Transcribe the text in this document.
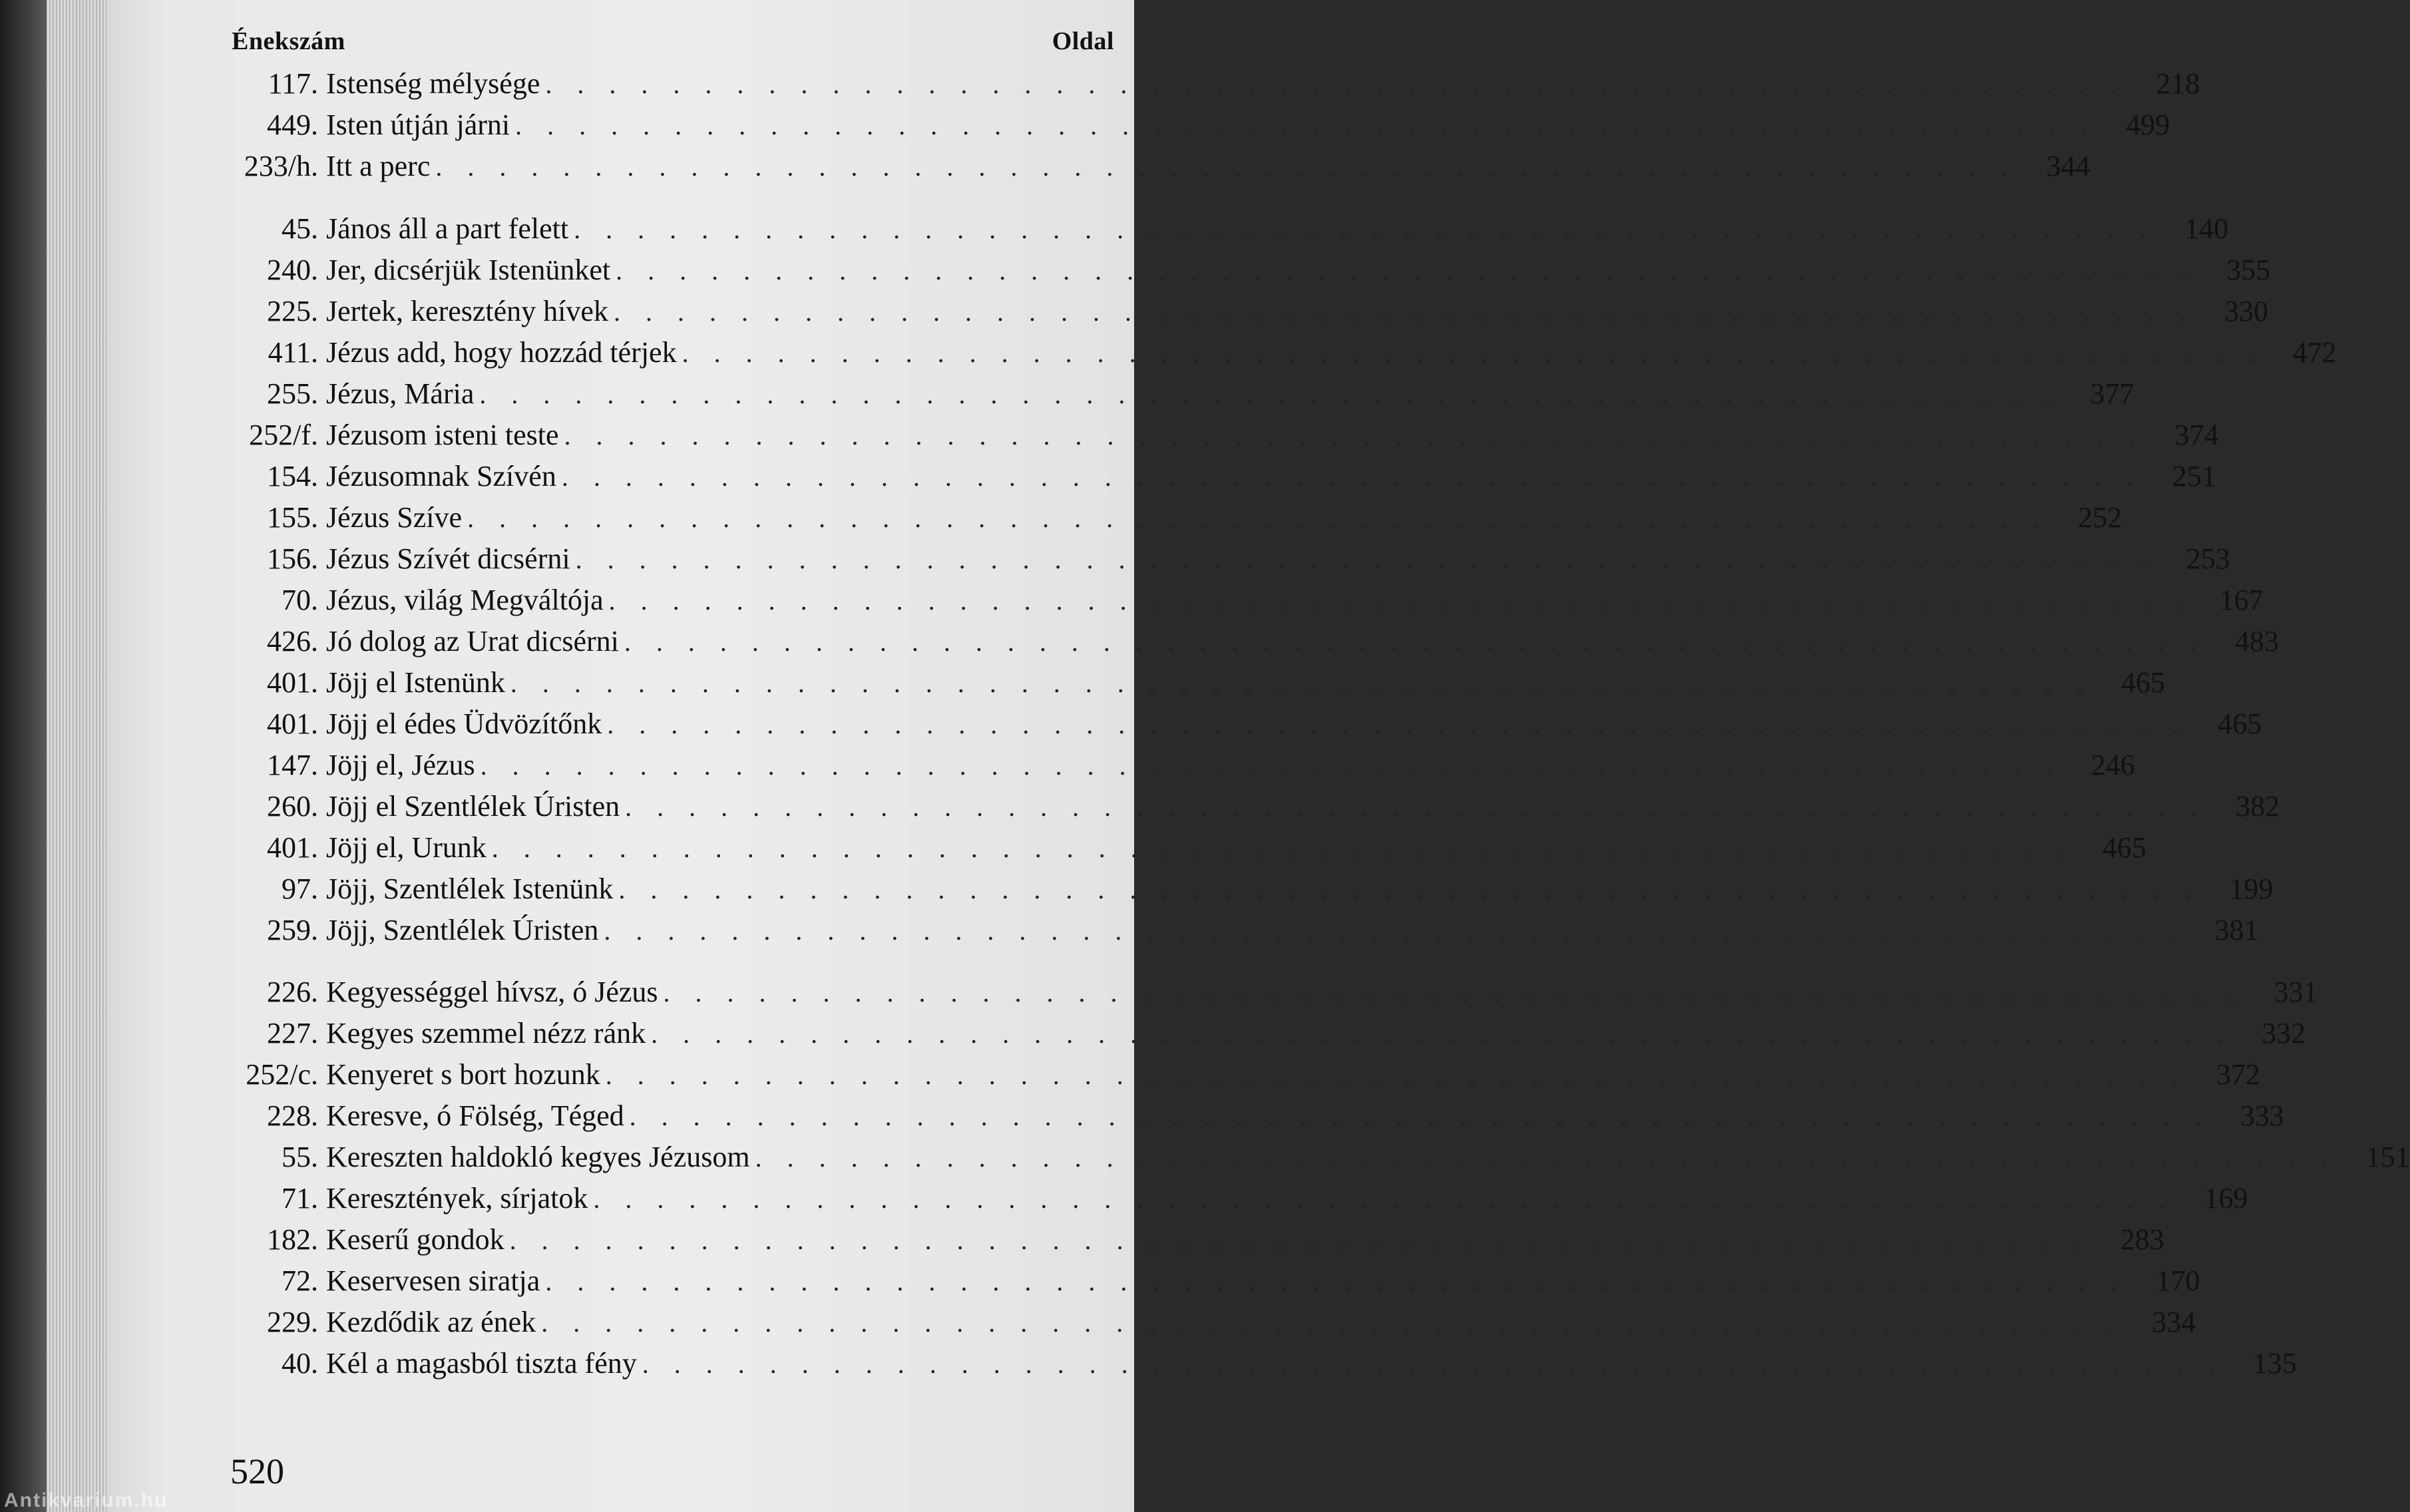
Énekszám	Oldal
117. Istenség mélysége . . .	218
449. Isten útján járni . . .	499
233/h. Itt a perc . . .	344
45. János áll a part felett . . .	140
240. Jer, dicsérjük Istenünket . . .	355
225. Jertek, keresztény hívek . . .	330
411. Jézus add, hogy hozzád térjek . . .	472
255. Jézus, Mária . . .	377
252/f. Jézusom isteni teste . . .	374
154. Jézusomnak Szívén . . .	251
155. Jézus Szíve . . .	252
156. Jézus Szívét dicsérni . . .	253
70. Jézus, világ Megváltója . . .	167
426. Jó dolog az Urat dicsérni . . .	483
401. Jöjj el Istenünk . . .	465
401. Jöjj el édes Üdvözítőnk . . .	465
147. Jöjj el, Jézus . . .	246
260. Jöjj el Szentlélek Úristen . . .	382
401. Jöjj el, Urunk . . .	465
97. Jöjj, Szentlélek Istenünk . . .	199
259. Jöjj, Szentlélek Úristen . . .	381
226. Kegyességgel hívsz, ó Jézus . . .	331
227. Kegyes szemmel nézz ránk . . .	332
252/c. Kenyeret s bort hozunk . . .	372
228. Keresve, ó Fölség, Téged . . .	333
55. Kereszten haldokló kegyes Jézusom . . .	151
71. Keresztények, sírjatok . . .	169
182. Keserű gondok . . .	283
72. Keservesen siratja . . .	170
229. Kezdődik az ének . . .	334
40. Kél a magasból tiszta fény . . .	135
520
Antikvarium.hu
